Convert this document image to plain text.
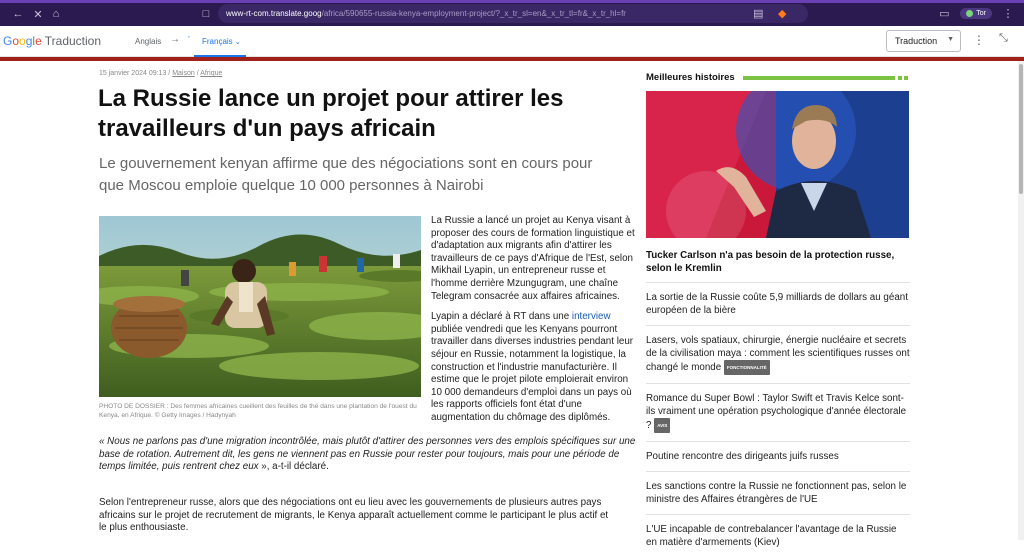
← ✕ ⌂	□	www-rt-com.translate.goog /africa/590655-russia-kenya-employment-project/?_x_tr_sl=en&_x_tr_tl=fr&_x_tr_hl=fr	▤	◆	▭	Tor ⋮
Google Traduction	Anglais → ’ Français ⌄	Traduction ▼ ⋮ ⤡
15 janvier 2024 09:13 / Maison / Afrique
La Russie lance un projet pour attirer les travailleurs d'un pays africain

Le gouvernement kenyan affirme que des négociations sont en cours pour que Moscou emploie quelque 10 000 personnes à Nairobi

PHOTO DE DOSSIER : Des femmes africaines cueillent des feuilles de thé dans une plantation de l'ouest du Kenya, en Afrique. © Getty Images / Hadynyah

La Russie a lancé un projet au Kenya visant à proposer des cours de formation linguistique et d'adaptation aux migrants afin d'attirer les travailleurs de ce pays d'Afrique de l'Est, selon Mikhail Lyapin, un entrepreneur russe et l'homme derrière Mzungugram, une chaîne Telegram consacrée aux affaires africaines.

Lyapin a déclaré à RT dans une interview publiée vendredi que les Kenyans pourront travailler dans diverses industries pendant leur séjour en Russie, notamment la logistique, la construction et l'industrie manufacturière. Il estime que le projet pilote emploierait environ 10 000 demandeurs d'emploi dans un pays où les rapports officiels font état d'une augmentation du chômage des diplômés.

« Nous ne parlons pas d'une migration incontrôlée, mais plutôt d'attirer des personnes vers des emplois spécifiques sur une base de rotation. Autrement dit, les gens ne viennent pas en Russie pour rester pour toujours, mais pour une période de temps limitée, puis rentrent chez eux », a-t-il déclaré.

Selon l'entrepreneur russe, alors que des négociations ont eu lieu avec les gouvernements de plusieurs autres pays africains sur le projet de recrutement de migrants, le Kenya apparaît actuellement comme le participant le plus actif et le plus enthousiaste.

Meilleures histoires
Tucker Carlson n'a pas besoin de la protection russe, selon le Kremlin
La sortie de la Russie coûte 5,9 milliards de dollars au géant européen de la bière
Lasers, vols spatiaux, chirurgie, énergie nucléaire et secrets de la civilisation maya : comment les scientifiques russes ont changé le monde FONCTIONNALITÉ
Romance du Super Bowl : Taylor Swift et Travis Kelce sont-ils vraiment une opération psychologique d'année électorale ? AVIS
Poutine rencontre des dirigeants juifs russes
Les sanctions contre la Russie ne fonctionnent pas, selon le ministre des Affaires étrangères de l'UE
L'UE incapable de contrebalancer l'avantage de la Russie en matière d'armements (Kiev)
